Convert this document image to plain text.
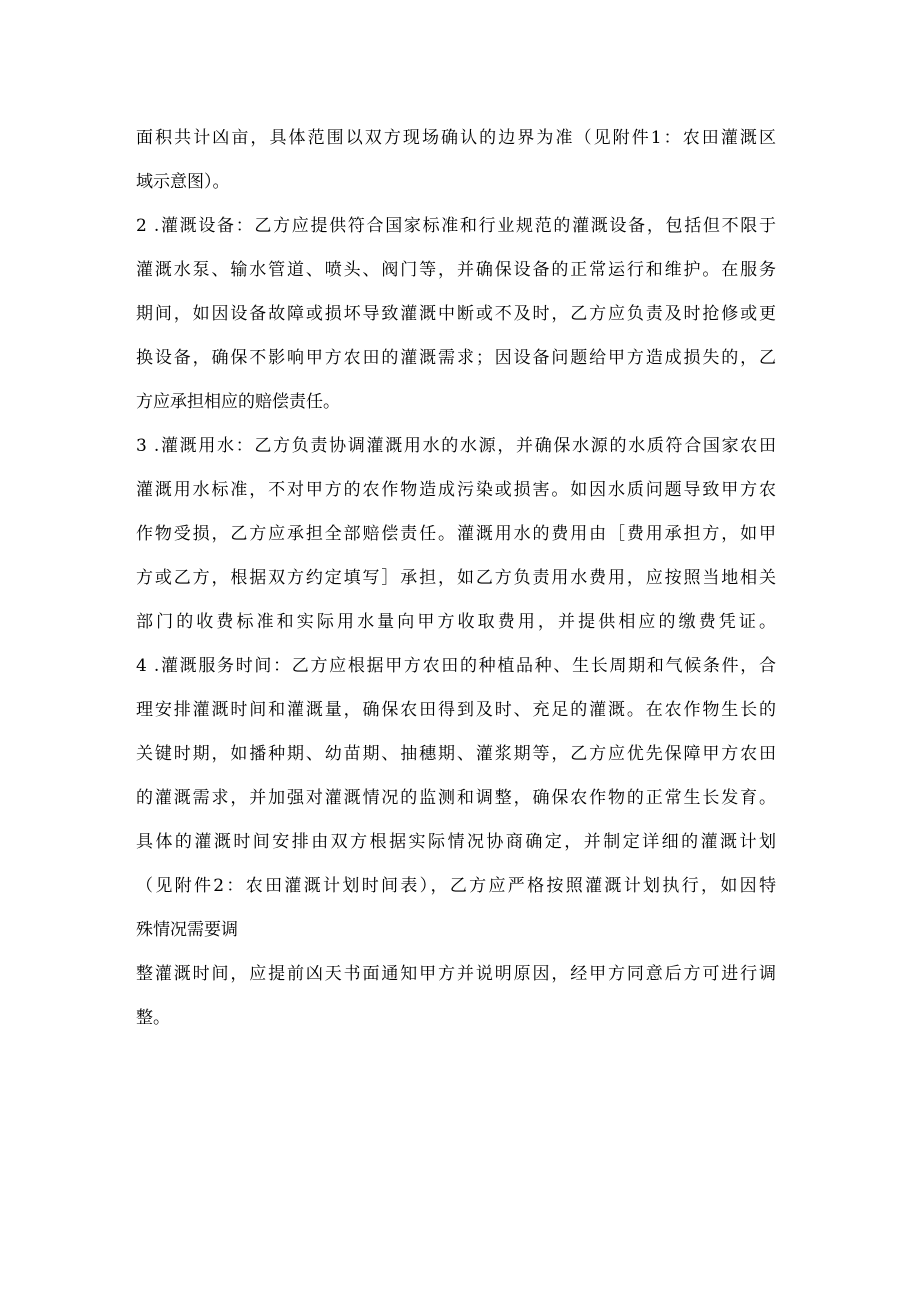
面积共计凶亩，具体范围以双方现场确认的边界为准（见附件1：农田灌溉区
域示意图）。
2 .灌溉设备：乙方应提供符合国家标准和行业规范的灌溉设备，包括但不限于
灌溉水泵、输水管道、喷头、阀门等，并确保设备的正常运行和维护。在服务
期间，如因设备故障或损坏导致灌溉中断或不及时，乙方应负责及时抢修或更
换设备，确保不影响甲方农田的灌溉需求；因设备问题给甲方造成损失的，乙
方应承担相应的赔偿责任。
3 .灌溉用水：乙方负责协调灌溉用水的水源，并确保水源的水质符合国家农田
灌溉用水标准，不对甲方的农作物造成污染或损害。如因水质问题导致甲方农
作物受损，乙方应承担全部赔偿责任。灌溉用水的费用由［费用承担方，如甲
方或乙方，根据双方约定填写］承担，如乙方负责用水费用，应按照当地相关
部门的收费标准和实际用水量向甲方收取费用，并提供相应的缴费凭证。
4 .灌溉服务时间：乙方应根据甲方农田的种植品种、生长周期和气候条件，合
理安排灌溉时间和灌溉量，确保农田得到及时、充足的灌溉。在农作物生长的
关键时期，如播种期、幼苗期、抽穗期、灌浆期等，乙方应优先保障甲方农田
的灌溉需求，并加强对灌溉情况的监测和调整，确保农作物的正常生长发育。
具体的灌溉时间安排由双方根据实际情况协商确定，并制定详细的灌溉计划
（见附件2：农田灌溉计划时间表），乙方应严格按照灌溉计划执行，如因特
殊情况需要调
整灌溉时间，应提前凶天书面通知甲方并说明原因，经甲方同意后方可进行调
整。
